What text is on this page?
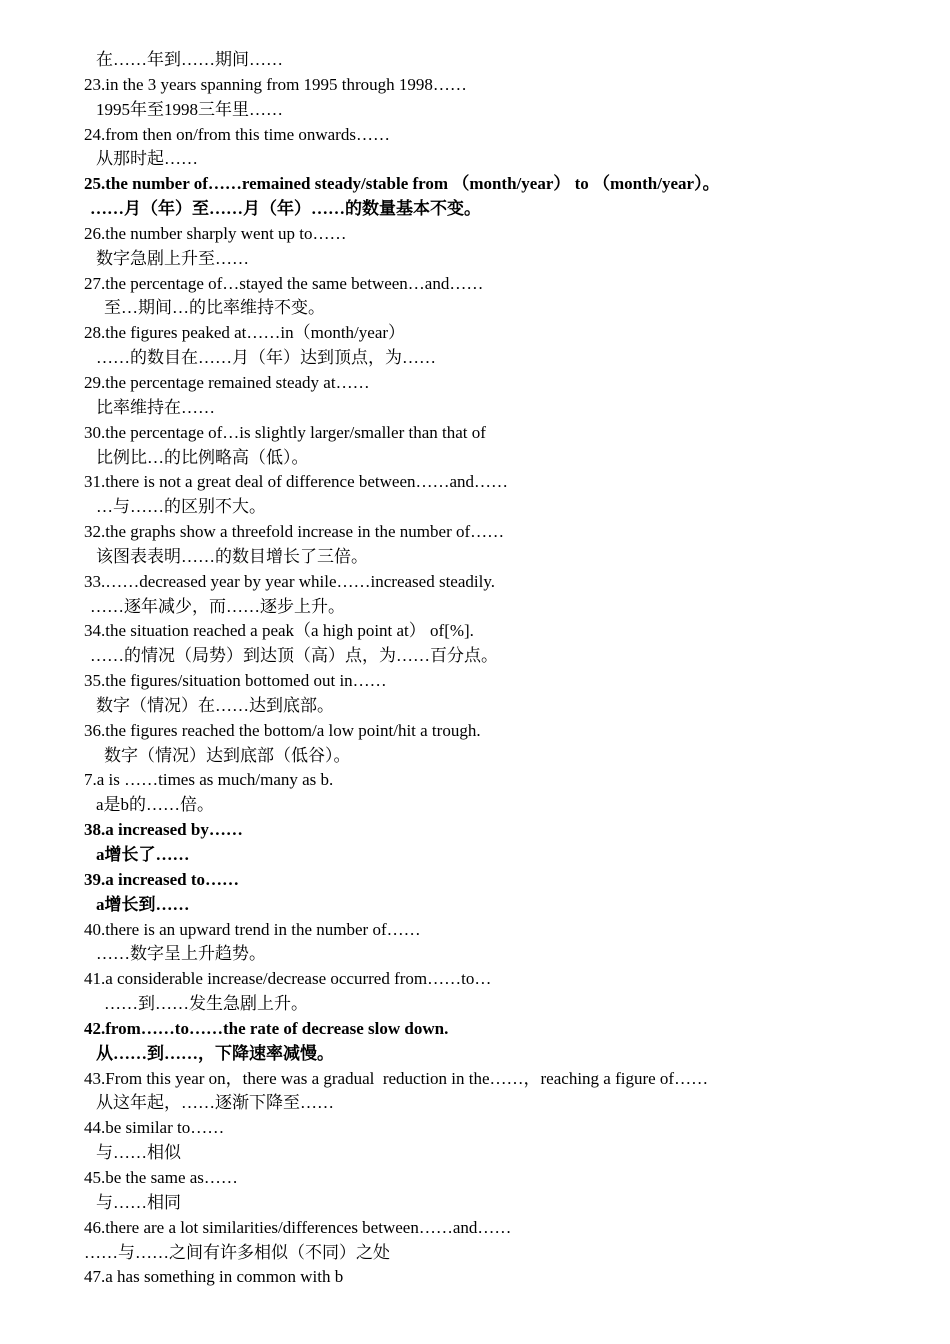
在……年到……期间……
23.in the 3 years spanning from 1995 through 1998……
1995年至1998三年里……
24.from then on/from this time onwards……
从那时起……
25.the number of……remained steady/stable from （month/year） to （month/year）。
……月（年）至……月（年）……的数量基本不变。
26.the number sharply went up to……
数字急剧上升至……
27.the percentage of…stayed the same between…and……
至…期间…的比率维持不变。
28.the figures peaked at……in（month/year）
……的数目在……月（年）达到顶点，为……
29.the percentage remained steady at……
比率维持在……
30.the percentage of…is slightly larger/smaller than that of
比例比…的比例略高（低）。
31.there is not a great deal of difference between……and……
…与……的区别不大。
32.the graphs show a threefold increase in the number of……
该图表表明……的数目增长了三倍。
33.……decreased year by year while……increased steadily.
……逐年减少，而……逐步上升。
34.the situation reached a peak（a high point at） of[%].
……的情况（局势）到达顶（高）点，为……百分点。
35.the figures/situation bottomed out in……
数字（情况）在……达到底部。
36.the figures reached the bottom/a low point/hit a trough.
数字（情况）达到底部（低谷）。
7.a is ……times as much/many as b.
a是b的……倍。
38.a increased by……
a增长了……
39.a increased to……
a增长到……
40.there is an upward trend in the number of……
……数字呈上升趋势。
41.a considerable increase/decrease occurred from……to…
……到……发生急剧上升。
42.from……to……the rate of decrease slow down.
从……到……，下降速率减慢。
43.From this year on，there was a gradual  reduction in the……，reaching a figure of……
从这年起，……逐渐下降至……
44.be similar to……
与……相似
45.be the same as……
与……相同
46.there are a lot similarities/differences between……and……
……与……之间有许多相似（不同）之处
47.a has something in common with b
